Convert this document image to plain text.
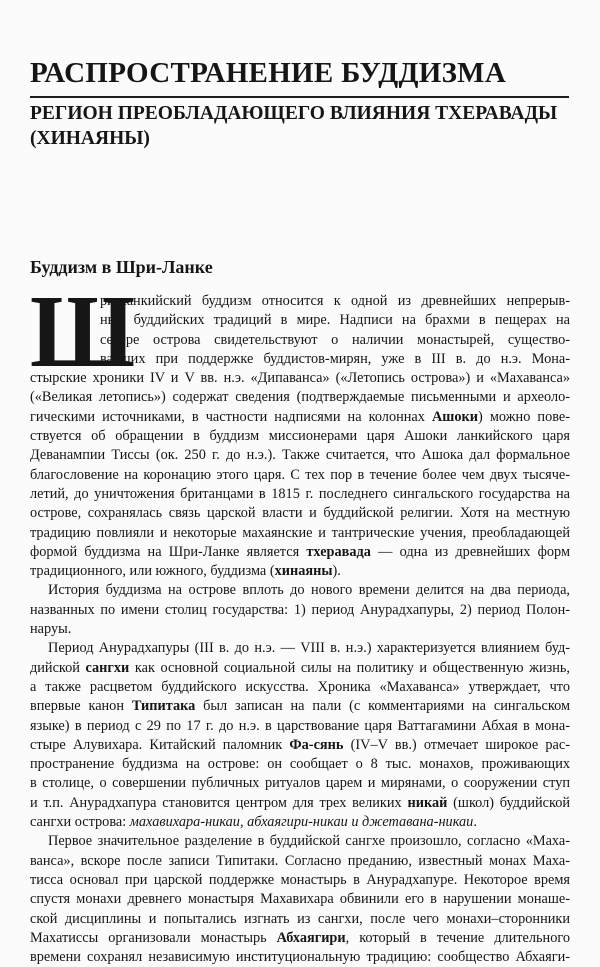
РАСПРОСТРАНЕНИЕ БУДДИЗМА
РЕГИОН ПРЕОБЛАДАЮЩЕГО ВЛИЯНИЯ ТХЕРАВАДЫ (ХИНАЯНЫ)
Буддизм в Шри-Ланке
Ш
ри-ланкийский буддизм относится к одной из древнейших непрерыв-
ных буддийских традиций в мире. Надписи на брахми в пещерах на
севере острова свидетельствуют о наличии монастырей, существо-
вавших при поддержке буддистов-мирян, уже в III в. до н.э. Мона-
стырские хроники IV и V вв. н.э. «Дипаванса» («Летопись острова») и «Махаванса»
(«Великая летопись») содержат сведения (подтверждаемые письменными и археоло-
гическими источниками, в частности надписями на колоннах Ашоки) можно пове-
ствуется об обращении в буддизм миссионерами царя Ашоки ланкийского царя
Деванампии Тиссы (ок. 250 г. до н.э.). Также считается, что Ашока дал формальное
благословение на коронацию этого царя. С тех пор в течение более чем двух тысяче-
летий, до уничтожения британцами в 1815 г. последнего сингальского государства на
острове, сохранялась связь царской власти и буддийской религии. Хотя на местную
традицию повлияли и некоторые махаянские и тантрические учения, преобладающей
формой буддизма на Шри-Ланке является тхеравада — одна из древнейших форм
традиционного, или южного, буддизма (хинаяны).
История буддизма на острове вплоть до нового времени делится на два периода,
названных по имени столиц государства: 1) период Анурадхапуры, 2) период Полон-
наруы.
Период Анурадхапуры (III в. до н.э. — VIII в. н.э.) характеризуется влиянием буд-
дийской сангхи как основной социальной силы на политику и общественную жизнь,
а также расцветом буддийского искусства. Хроника «Махаванса» утверждает, что
впервые канон Типитака был записан на пали (с комментариями на сингальском
языке) в период с 29 по 17 г. до н.э. в царствование царя Ваттагамини Абхая в мона-
стыре Алувихара. Китайский паломник Фа-сянь (IV–V вв.) отмечает широкое рас-
пространение буддизма на острове: он сообщает о 8 тыс. монахов, проживающих
в столице, о совершении публичных ритуалов царем и мирянами, о сооружении ступ
и т.п. Анурадхапура становится центром для трех великих никай (школ) буддийской
сангхи острова: махавихара-никаи, абхаягири-никаи и джетавана-никаи.
Первое значительное разделение в буддийской сангхе произошло, согласно «Маха-
ванса», вскоре после записи Типитаки. Согласно преданию, известный монах Маха-
тисса основал при царской поддержке монастырь в Анурадхапуре. Некоторое время
спустя монахи древнего монастыря Махавихара обвинили его в нарушении монаше-
ской дисциплины и попытались изгнать из сангхи, после чего монахи–сторонники
Махатиссы организовали монастырь Абхаягири, который в течение длительного
времени сохранял независимую институциональную традицию: сообщество Абхаяги-
